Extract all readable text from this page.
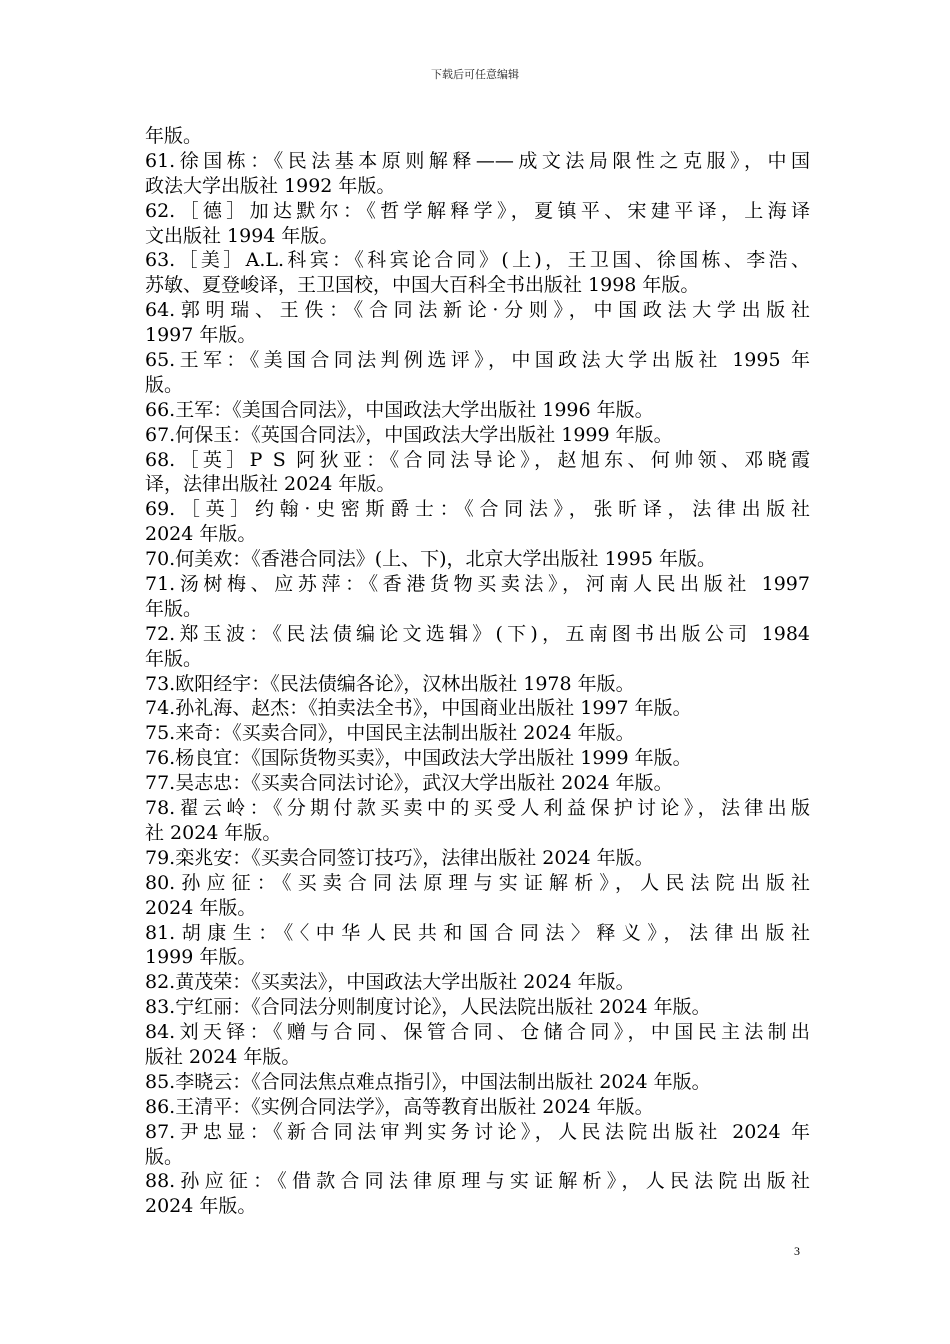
下载后可任意编辑
年版。
61.徐国栋：《民法基本原则解释——成文法局限性之克服》，中国
政法大学出版社 1992 年版。
62.［德］加达默尔：《哲学解释学》，夏镇平、宋建平译，上海译
文出版社 1994 年版。
63.［美］A.L.科宾：《科宾论合同》(上)，王卫国、徐国栋、李浩、
苏敏、夏登峻译，王卫国校，中国大百科全书出版社 1998 年版。
64.郭明瑞、王佚：《合同法新论·分则》，中国政法大学出版社
1997 年版。
65.王军：《美国合同法判例选评》，中国政法大学出版社 1995 年
版。
66.王军：《美国合同法》，中国政法大学出版社 1996 年版。
67.何保玉：《英国合同法》，中国政法大学出版社 1999 年版。
68.［英］P S 阿狄亚：《合同法导论》，赵旭东、何帅领、邓晓霞
译，法律出版社 2024 年版。
69.［英］约翰·史密斯爵士：《合同法》，张昕译，法律出版社
2024 年版。
70.何美欢：《香港合同法》(上、下)，北京大学出版社 1995 年版。
71.汤树梅、应苏萍：《香港货物买卖法》，河南人民出版社 1997
年版。
72.郑玉波：《民法债编论文选辑》(下)，五南图书出版公司 1984
年版。
73.欧阳经宇：《民法债编各论》，汉林出版社 1978 年版。
74.孙礼海、赵杰：《拍卖法全书》，中国商业出版社 1997 年版。
75.来奇：《买卖合同》，中国民主法制出版社 2024 年版。
76.杨良宜：《国际货物买卖》，中国政法大学出版社 1999 年版。
77.吴志忠：《买卖合同法讨论》，武汉大学出版社 2024 年版。
78.翟云岭：《分期付款买卖中的买受人利益保护讨论》，法律出版
社 2024 年版。
79.栾兆安：《买卖合同签订技巧》，法律出版社 2024 年版。
80.孙应征：《买卖合同法原理与实证解析》，人民法院出版社
2024 年版。
81.胡康生：《〈中华人民共和国合同法〉释义》，法律出版社
1999 年版。
82.黄茂荣：《买卖法》，中国政法大学出版社 2024 年版。
83.宁红丽：《合同法分则制度讨论》，人民法院出版社 2024 年版。
84.刘天铎：《赠与合同、保管合同、仓储合同》，中国民主法制出
版社 2024 年版。
85.李晓云：《合同法焦点难点指引》，中国法制出版社 2024 年版。
86.王清平：《实例合同法学》，高等教育出版社 2024 年版。
87.尹忠显：《新合同法审判实务讨论》，人民法院出版社 2024 年
版。
88.孙应征：《借款合同法律原理与实证解析》，人民法院出版社
2024 年版。
3
